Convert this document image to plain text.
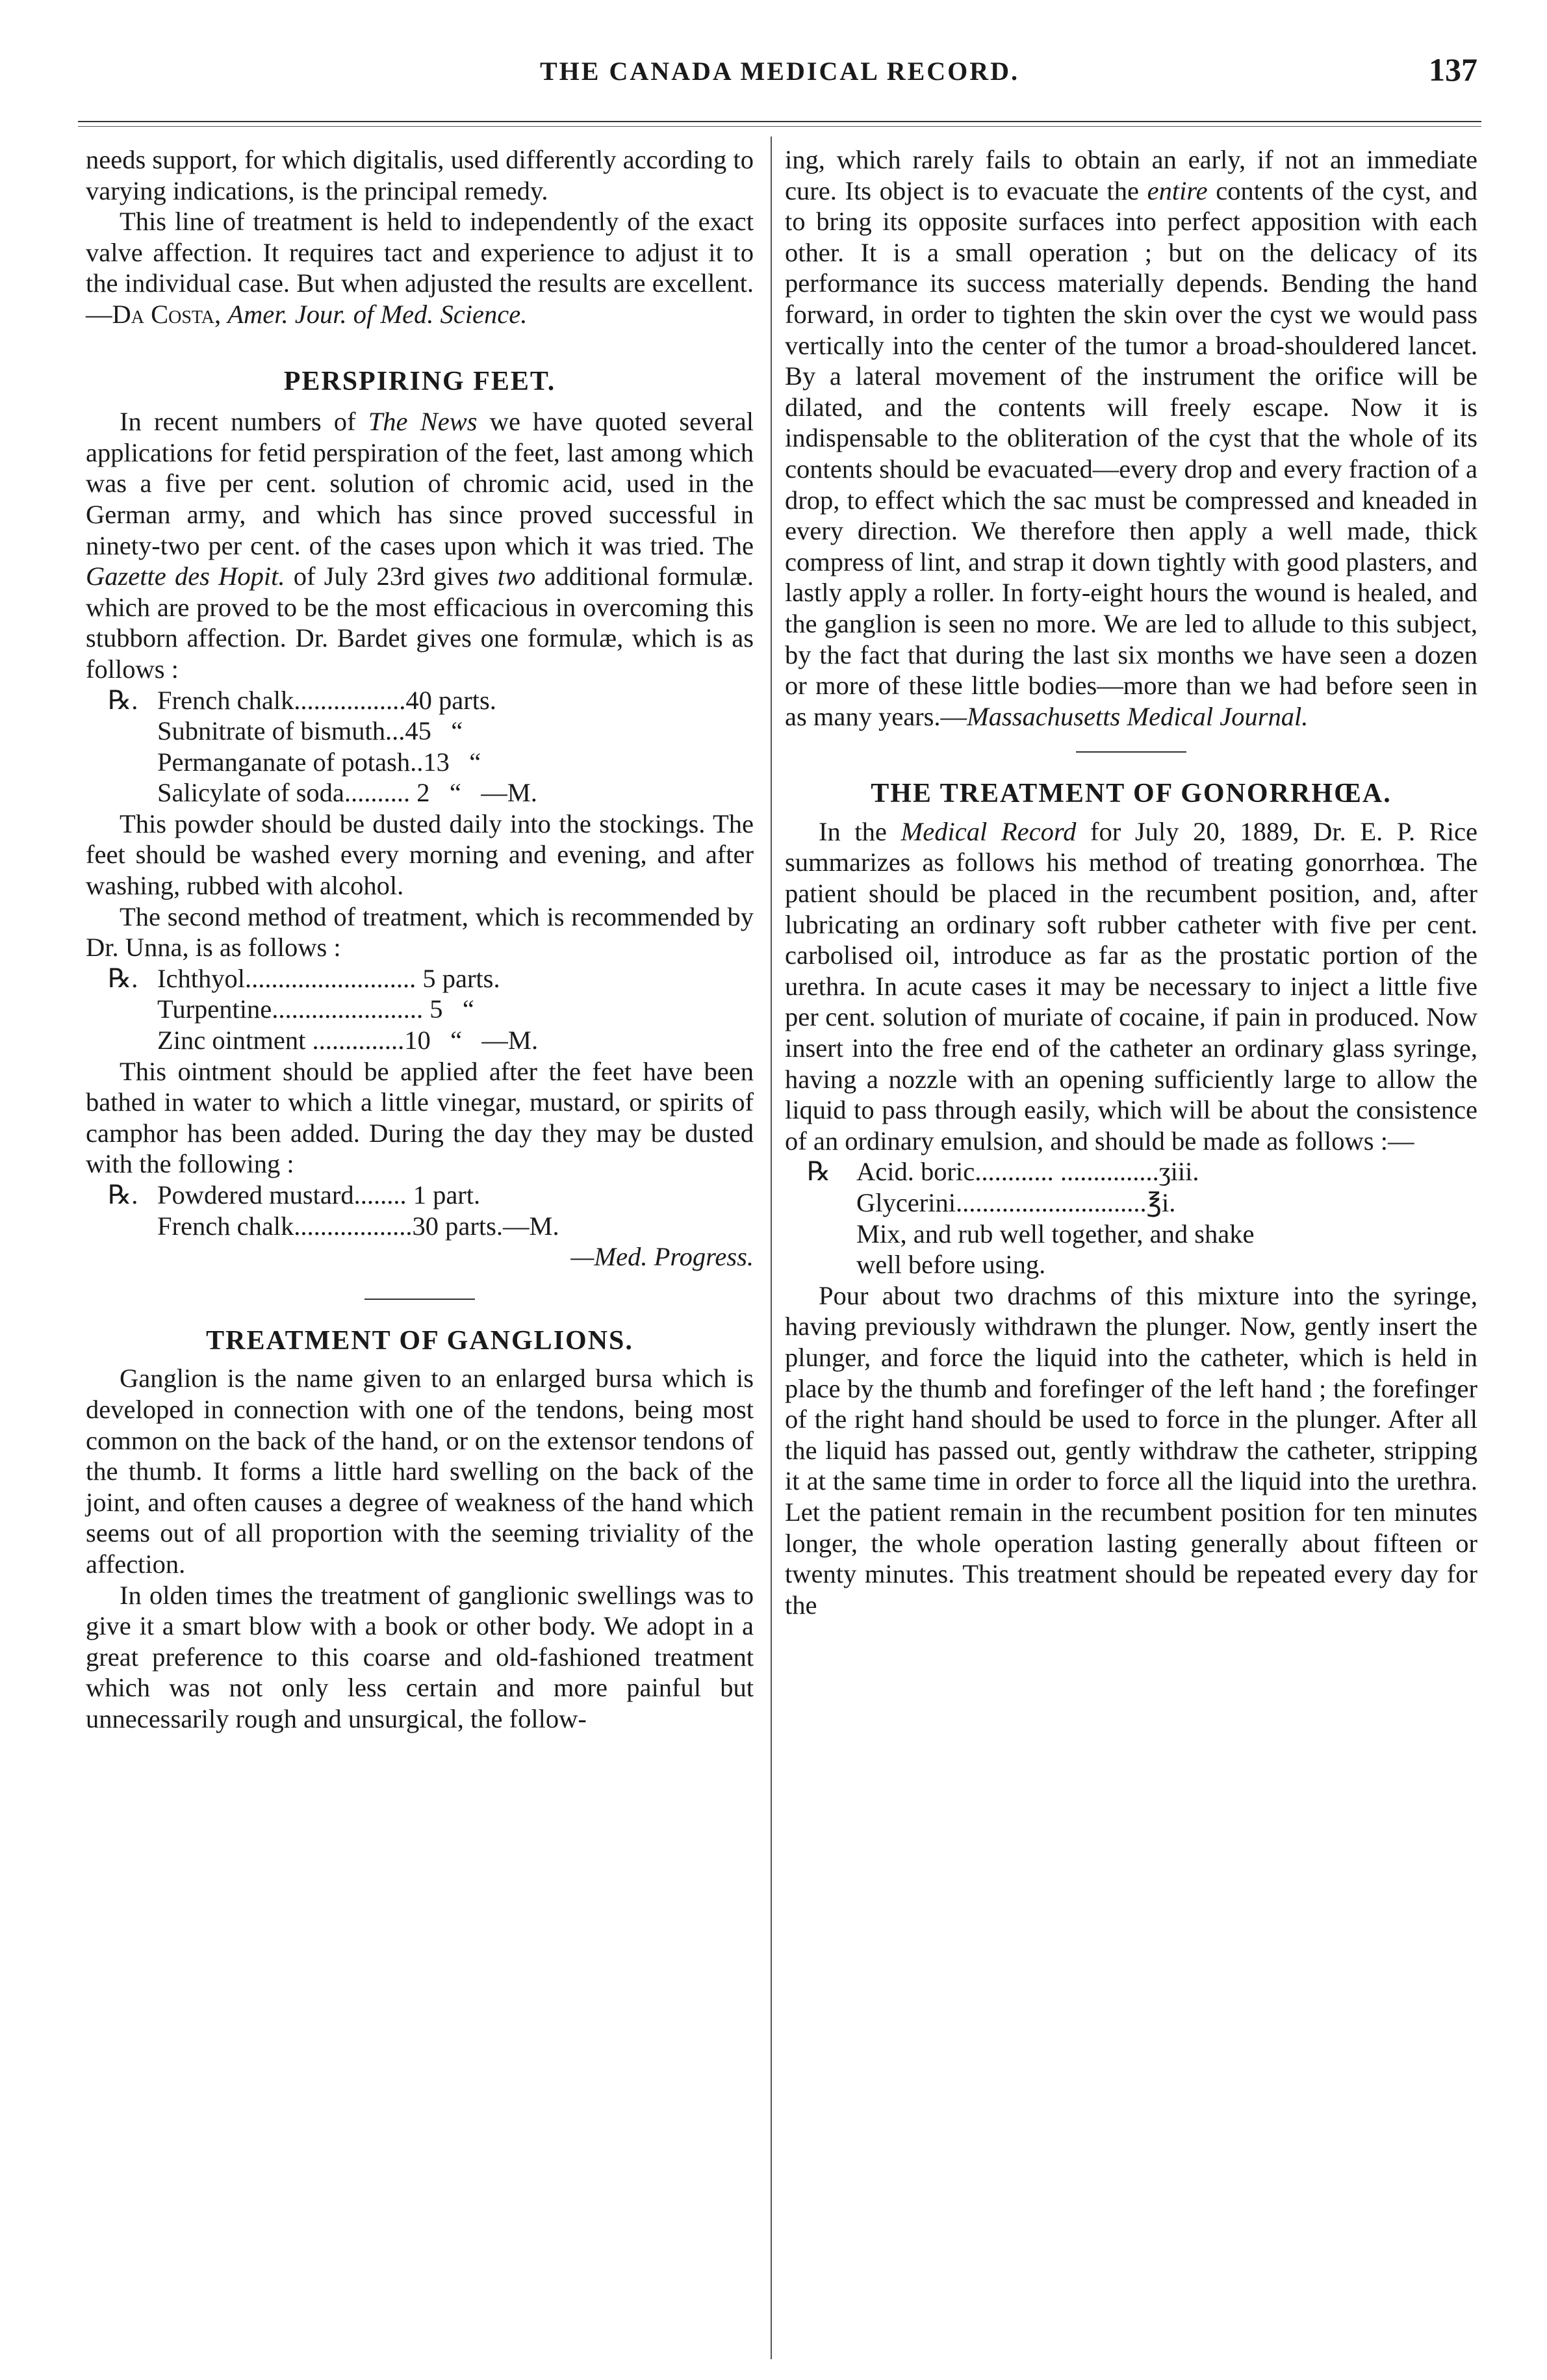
THE CANADA MEDICAL RECORD.	137

needs support, for which digitalis, used differently according to varying indications, is the principal remedy.

This line of treatment is held to independently of the exact valve affection. It requires tact and experience to adjust it to the individual case. But when adjusted the results are excellent.—Da Costa, Amer. Jour. of Med. Science.

PERSPIRING FEET.

In recent numbers of The News we have quoted several applications for fetid perspiration of the feet, last among which was a five per cent. solution of chromic acid, used in the German army, and which has since proved successful in ninety-two per cent. of the cases upon which it was tried. The Gazette des Hopit. of July 23rd gives two additional formulæ. which are proved to be the most efficacious in overcoming this stubborn affection. Dr. Bardet gives one formulæ, which is as follows :

℞. French chalk.................40 parts.
Subnitrate of bismuth...45   “
Permanganate of potash..13   “
Salicylate of soda.......... 2   “   —M.

This powder should be dusted daily into the stockings. The feet should be washed every morning and evening, and after washing, rubbed with alcohol.

The second method of treatment, which is recommended by Dr. Unna, is as follows :

℞. Ichthyol.......................... 5 parts.
Turpentine....................... 5   “
Zinc ointment ..............10   “   —M.

This ointment should be applied after the feet have been bathed in water to which a little vinegar, mustard, or spirits of camphor has been added. During the day they may be dusted with the following :

℞. Powdered mustard........ 1 part.
French chalk..................30 parts.—M.

—Med. Progress.

TREATMENT OF GANGLIONS.

Ganglion is the name given to an enlarged bursa which is developed in connection with one of the tendons, being most common on the back of the hand, or on the extensor tendons of the thumb. It forms a little hard swelling on the back of the joint, and often causes a degree of weakness of the hand which seems out of all proportion with the seeming triviality of the affection.

In olden times the treatment of ganglionic swellings was to give it a smart blow with a book or other body. We adopt in a great preference to this coarse and old-fashioned treatment which was not only less certain and more painful but unnecessarily rough and unsurgical, the follow-

ing, which rarely fails to obtain an early, if not an immediate cure. Its object is to evacuate the entire contents of the cyst, and to bring its opposite surfaces into perfect apposition with each other. It is a small operation ; but on the delicacy of its performance its success materially depends. Bending the hand forward, in order to tighten the skin over the cyst we would pass vertically into the center of the tumor a broad-shouldered lancet. By a lateral movement of the instrument the orifice will be dilated, and the contents will freely escape. Now it is indispensable to the obliteration of the cyst that the whole of its contents should be evacuated—every drop and every fraction of a drop, to effect which the sac must be compressed and kneaded in every direction. We therefore then apply a well made, thick compress of lint, and strap it down tightly with good plasters, and lastly apply a roller. In forty-eight hours the wound is healed, and the ganglion is seen no more. We are led to allude to this subject, by the fact that during the last six months we have seen a dozen or more of these little bodies—more than we had before seen in as many years.—Massachusetts Medical Journal.

THE TREATMENT OF GONORRHŒA.

In the Medical Record for July 20, 1889, Dr. E. P. Rice summarizes as follows his method of treating gonorrhœa. The patient should be placed in the recumbent position, and, after lubricating an ordinary soft rubber catheter with five per cent. carbolised oil, introduce as far as the prostatic portion of the urethra. In acute cases it may be necessary to inject a little five per cent. solution of muriate of cocaine, if pain in produced. Now insert into the free end of the catheter an ordinary glass syringe, having a nozzle with an opening sufficiently large to allow the liquid to pass through easily, which will be about the consistence of an ordinary emulsion, and should be made as follows :—

℞ Acid. boric............ ...............ʒiii.
Glycerini.............................℥i.
Mix, and rub well together, and shake
well before using.

Pour about two drachms of this mixture into the syringe, having previously withdrawn the plunger. Now, gently insert the plunger, and force the liquid into the catheter, which is held in place by the thumb and forefinger of the left hand ; the forefinger of the right hand should be used to force in the plunger. After all the liquid has passed out, gently withdraw the catheter, stripping it at the same time in order to force all the liquid into the urethra. Let the patient remain in the recumbent position for ten minutes longer, the whole operation lasting generally about fifteen or twenty minutes. This treatment should be repeated every day for the
